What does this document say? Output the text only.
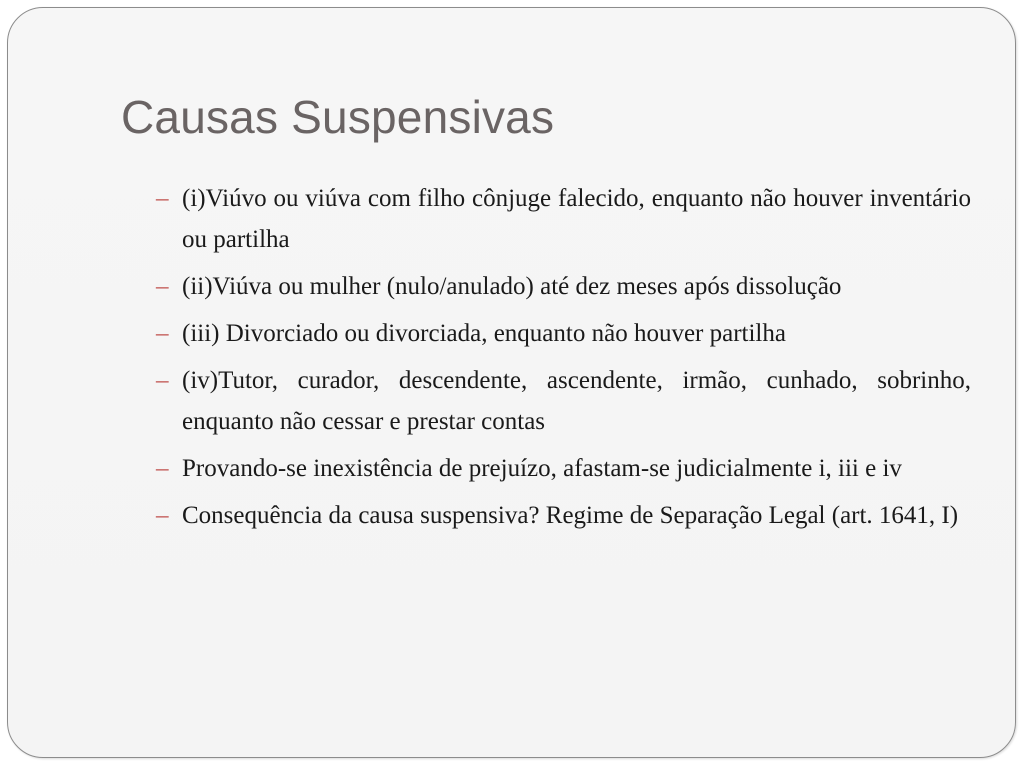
Causas Suspensivas
– (i)Viúvo ou viúva com filho cônjuge falecido, enquanto não houver inventário ou partilha
– (ii)Viúva ou mulher (nulo/anulado) até dez meses após dissolução
– (iii) Divorciado ou divorciada, enquanto não houver partilha
– (iv)Tutor, curador, descendente, ascendente, irmão, cunhado, sobrinho, enquanto não cessar e prestar contas
– Provando-se inexistência de prejuízo, afastam-se judicialmente i, iii e iv
– Consequência da causa suspensiva? Regime de Separação Legal (art. 1641, I)
